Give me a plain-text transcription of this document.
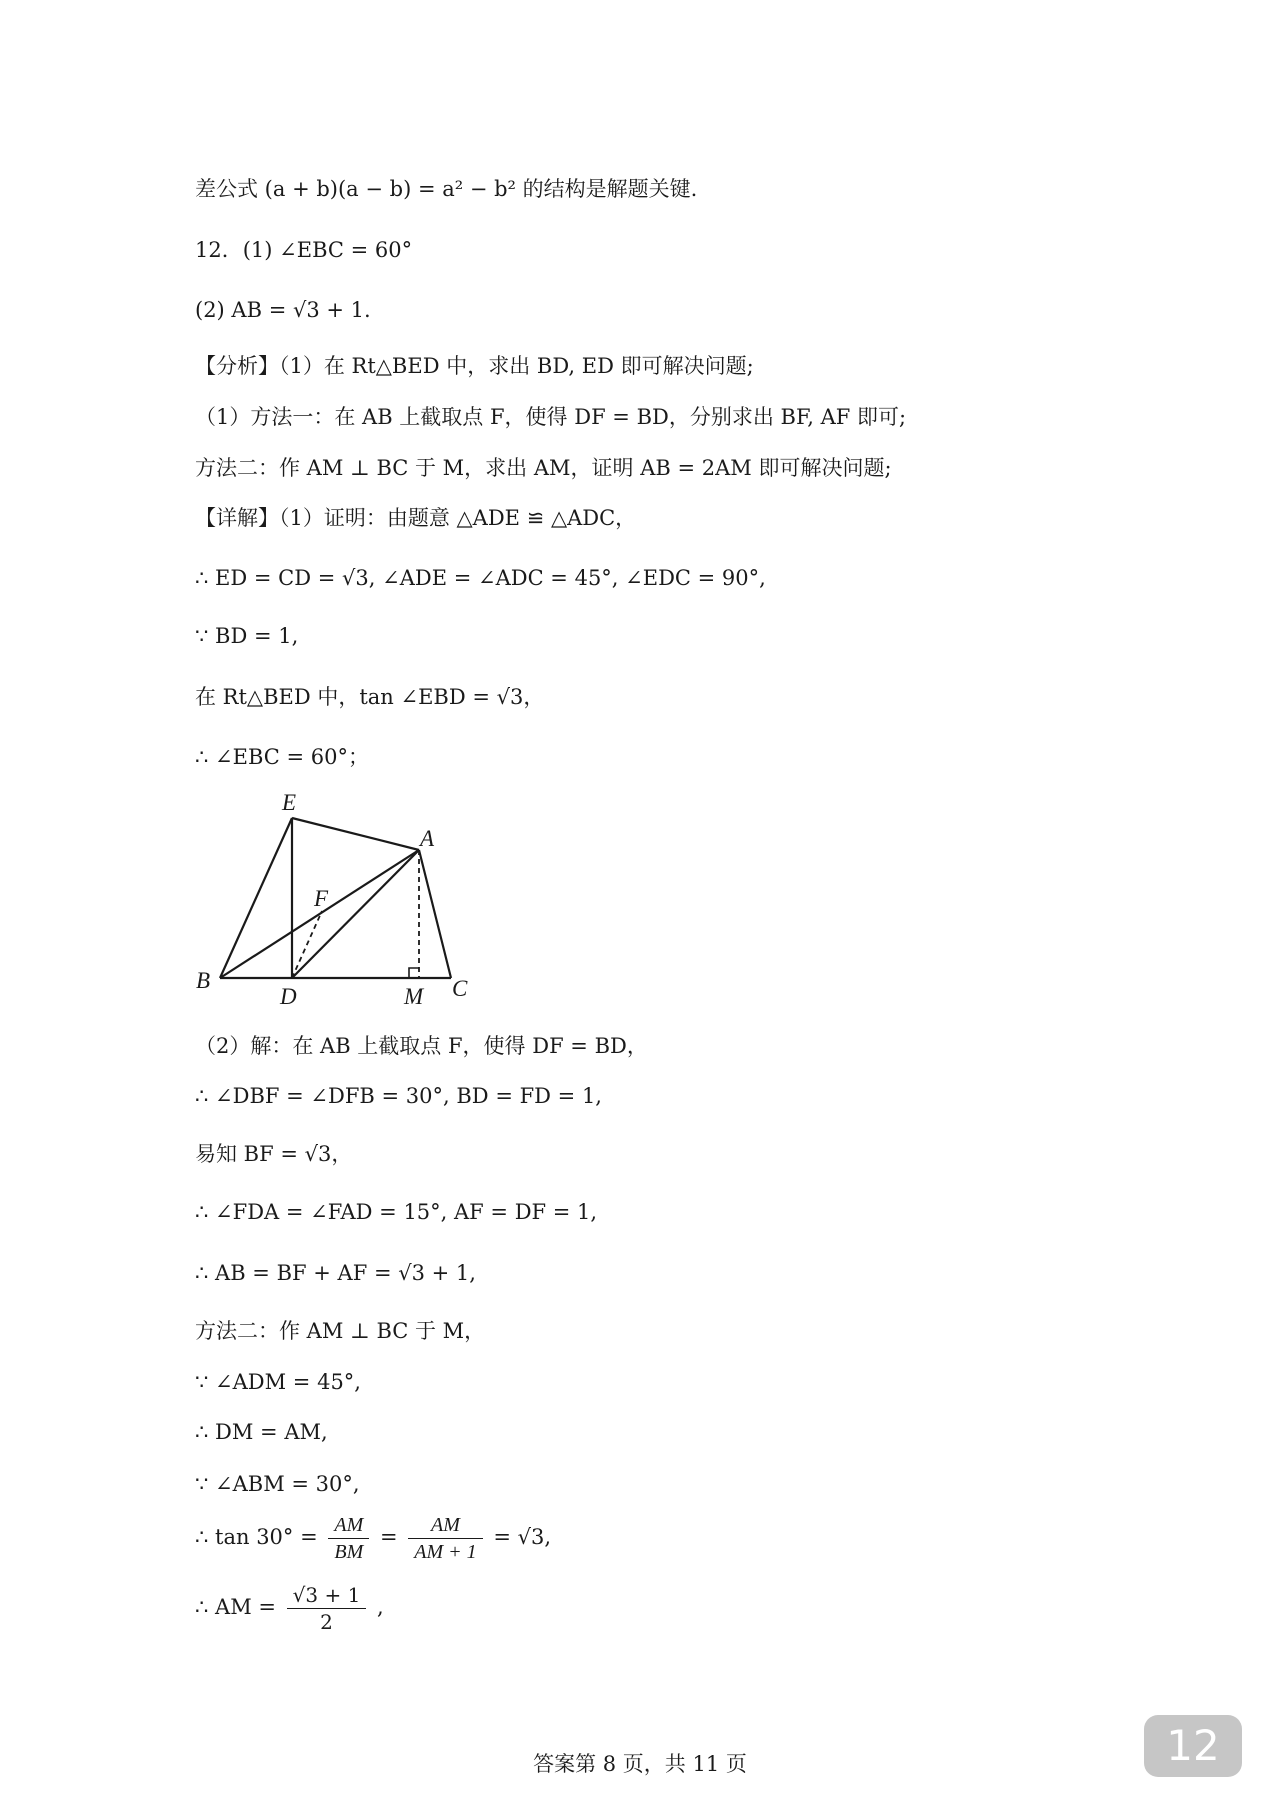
差公式 (a + b)(a − b) = a² − b² 的结构是解题关键.
12．(1) ∠EBC = 60°
(2) AB = √3 + 1.
【分析】（1）在 Rt△BED 中，求出 BD, ED 即可解决问题;
（1）方法一：在 AB 上截取点 F，使得 DF = BD，分别求出 BF, AF 即可;
方法二：作 AM ⊥ BC 于 M，求出 AM，证明 AB = 2AM 即可解决问题;
【详解】（1）证明：由题意 △ADE ≌ △ADC，
∴ ED = CD = √3, ∠ADE = ∠ADC = 45°, ∠EDC = 90°,
∵ BD = 1,
在 Rt△BED 中，tan ∠EBD = √3，
∴ ∠EBC = 60°；
E
A
F
B
D	M C
（2）解：在 AB 上截取点 F，使得 DF = BD，
∴ ∠DBF = ∠DFB = 30°, BD = FD = 1,
易知 BF = √3，
∴ ∠FDA = ∠FAD = 15°, AF = DF = 1,
∴ AB = BF + AF = √3 + 1,
方法二：作 AM ⊥ BC 于 M，
∵ ∠ADM = 45°,
∴ DM = AM,
∵ ∠ABM = 30°,
∴ $\tan 30^\circ = \frac{AM}{BM} = \frac{AM}{AM + 1} = √3$,
∴ AM = $\frac{√3 + 1}{2}$ ,
答案第 8 页，共 11 页	12
